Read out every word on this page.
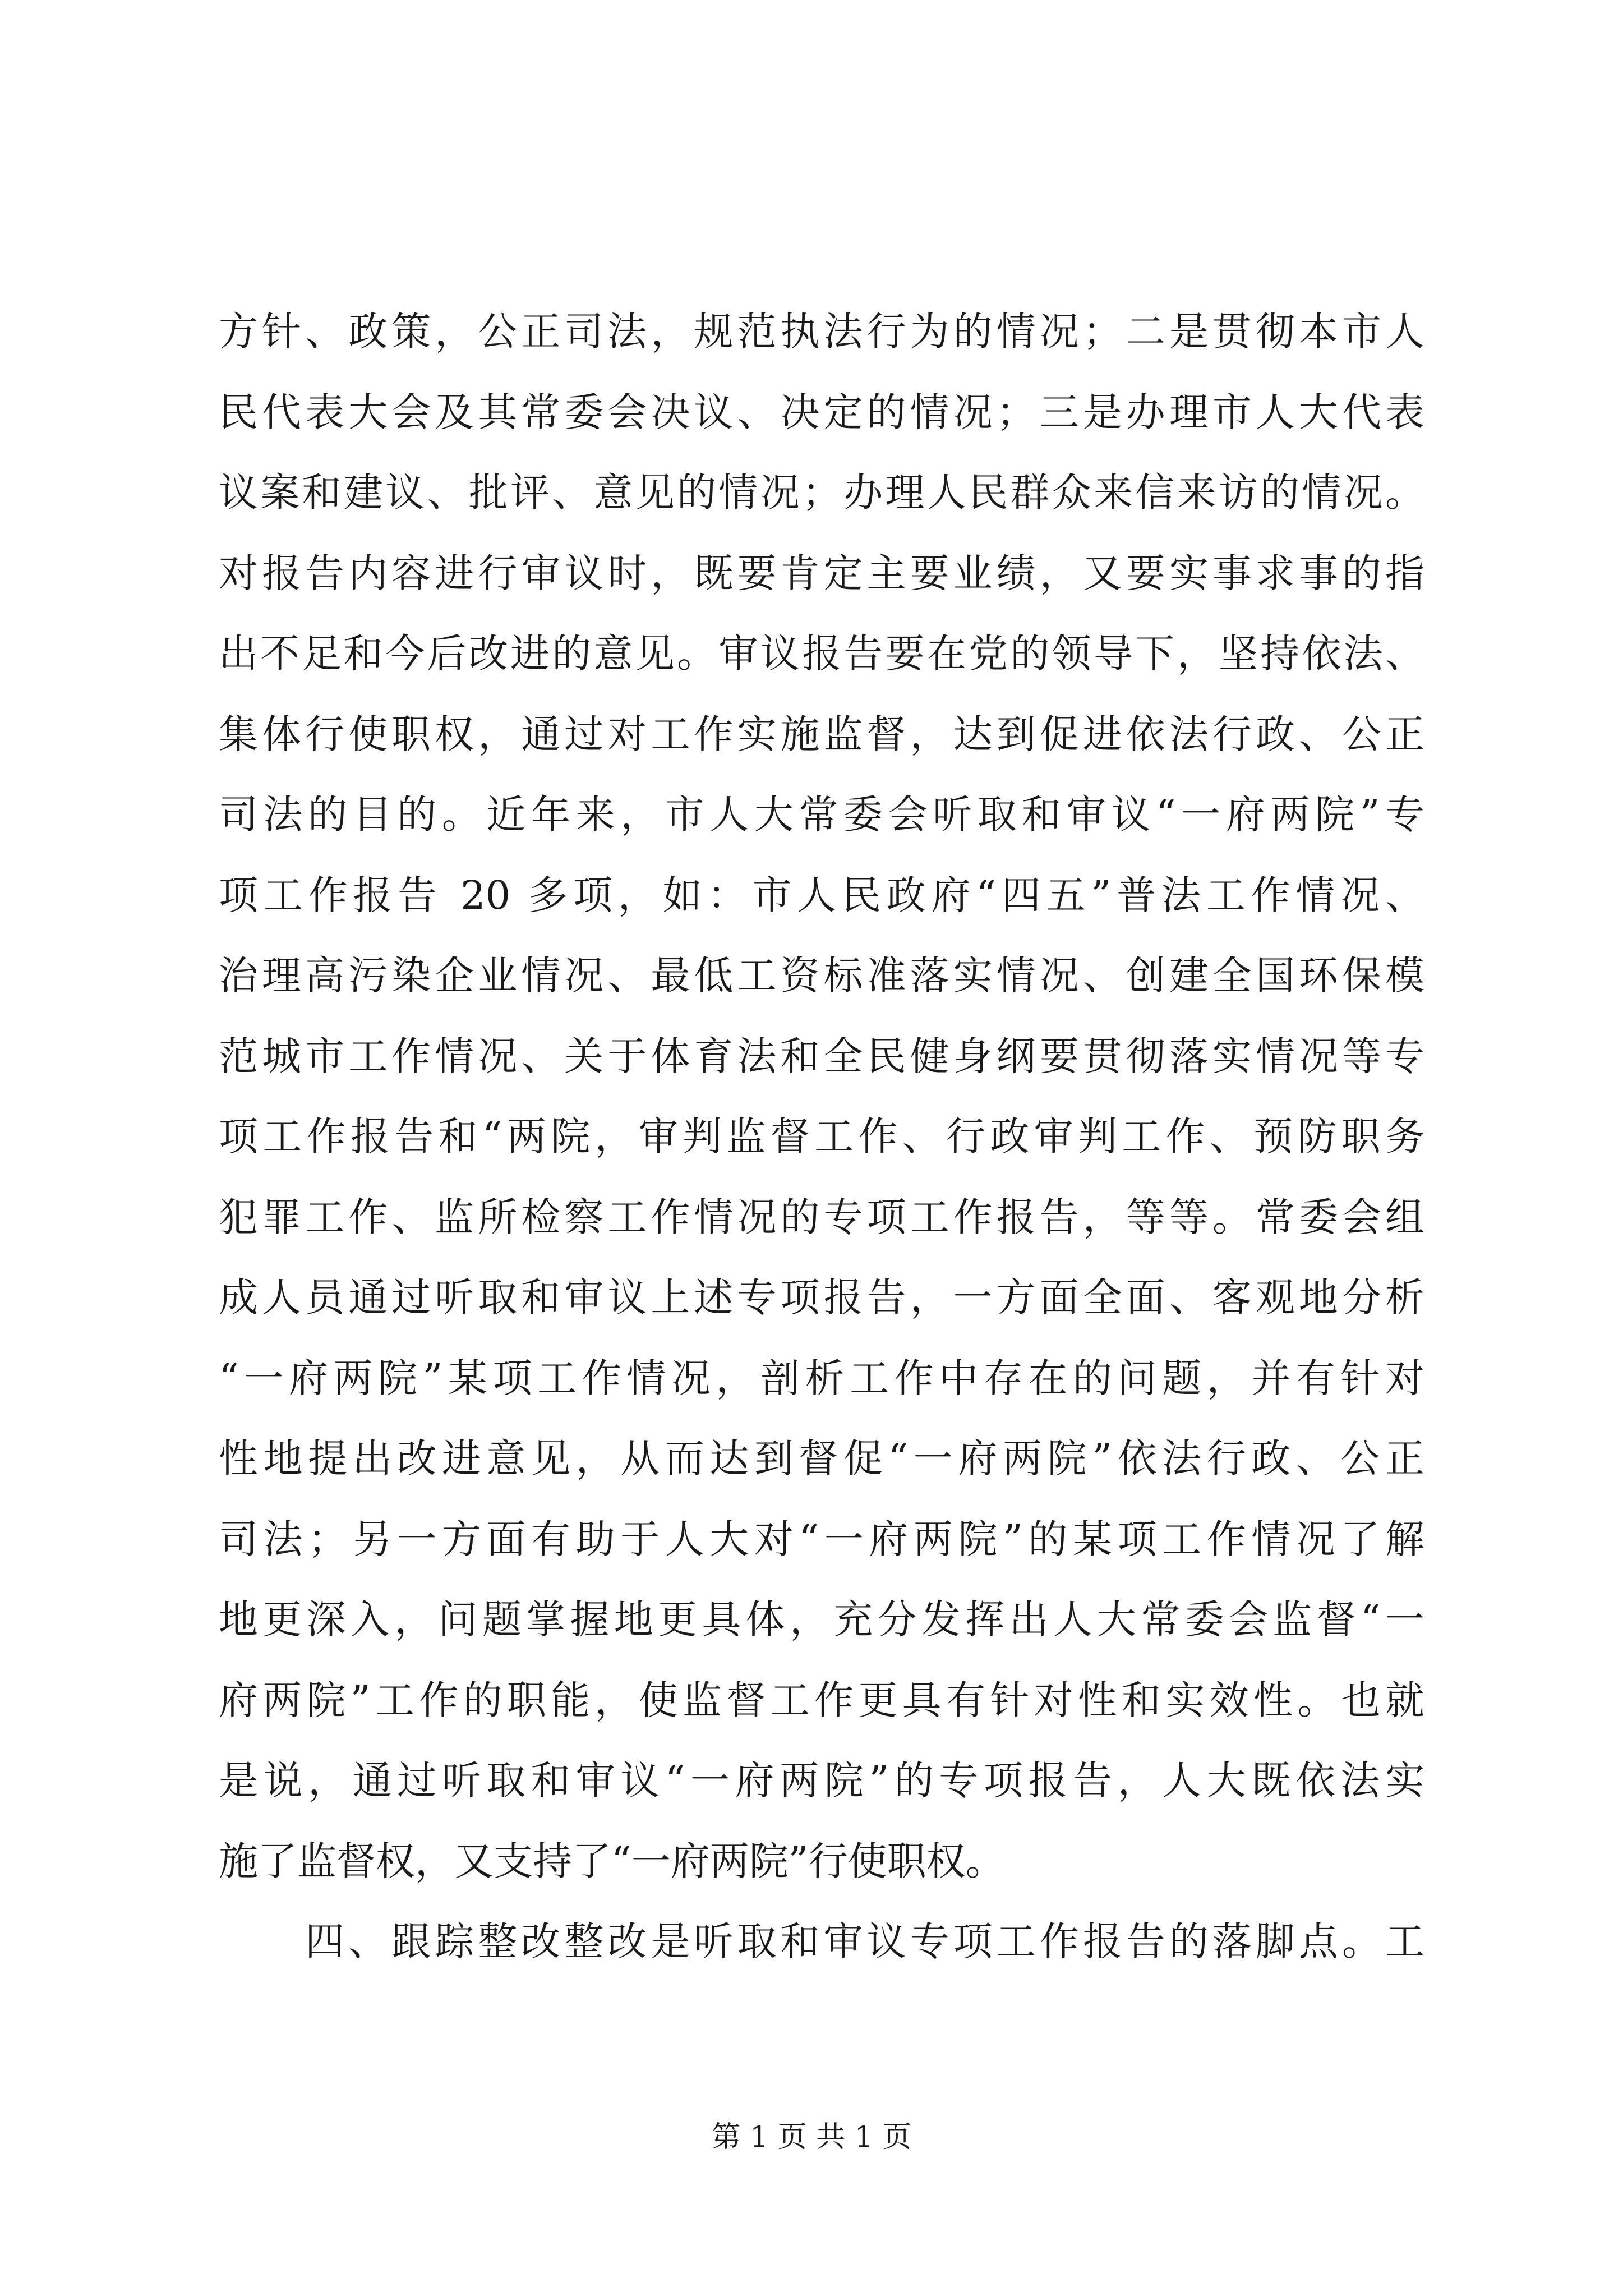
方针、政策，公正司法，规范执法行为的情况；二是贯彻本市人
民代表大会及其常委会决议、决定的情况；三是办理市人大代表
议案和建议、批评、意见的情况；办理人民群众来信来访的情况。
对报告内容进行审议时，既要肯定主要业绩，又要实事求事的指
出不足和今后改进的意见。审议报告要在党的领导下，坚持依法、
集体行使职权，通过对工作实施监督，达到促进依法行政、公正
司法的目的。近年来，市人大常委会听取和审议“一府两院”专
项工作报告 20 多项，如：市人民政府“四五”普法工作情况、
治理高污染企业情况、最低工资标准落实情况、创建全国环保模
范城市工作情况、关于体育法和全民健身纲要贯彻落实情况等专
项工作报告和“两院，审判监督工作、行政审判工作、预防职务
犯罪工作、监所检察工作情况的专项工作报告，等等。常委会组
成人员通过听取和审议上述专项报告，一方面全面、客观地分析
“一府两院”某项工作情况，剖析工作中存在的问题，并有针对
性地提出改进意见，从而达到督促“一府两院”依法行政、公正
司法；另一方面有助于人大对“一府两院”的某项工作情况了解
地更深入，问题掌握地更具体，充分发挥出人大常委会监督“一
府两院”工作的职能，使监督工作更具有针对性和实效性。也就
是说，通过听取和审议“一府两院”的专项报告，人大既依法实
施了监督权，又支持了“一府两院”行使职权。
　　四、跟踪整改整改是听取和审议专项工作报告的落脚点。工
第 1 页 共 1 页
